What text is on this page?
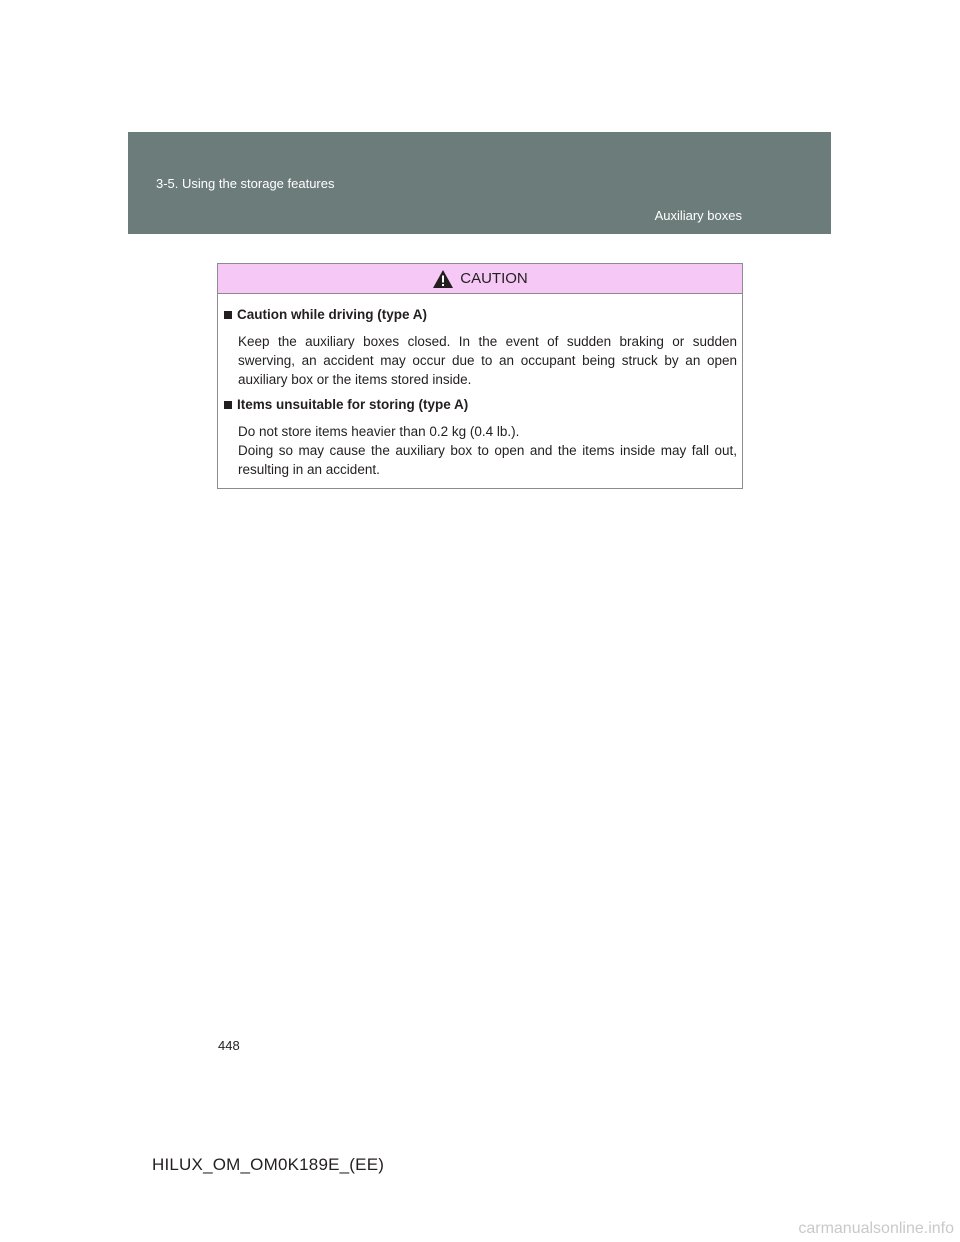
3-5. Using the storage features
Auxiliary boxes
CAUTION
Caution while driving (type A)

Keep the auxiliary boxes closed. In the event of sudden braking or sudden swerving, an accident may occur due to an occupant being struck by an open auxiliary box or the items stored inside.

Items unsuitable for storing (type A)

Do not store items heavier than 0.2 kg (0.4 lb.).

Doing so may cause the auxiliary box to open and the items inside may fall out, resulting in an accident.

448
HILUX_OM_OM0K189E_(EE)
carmanualsonline.info
